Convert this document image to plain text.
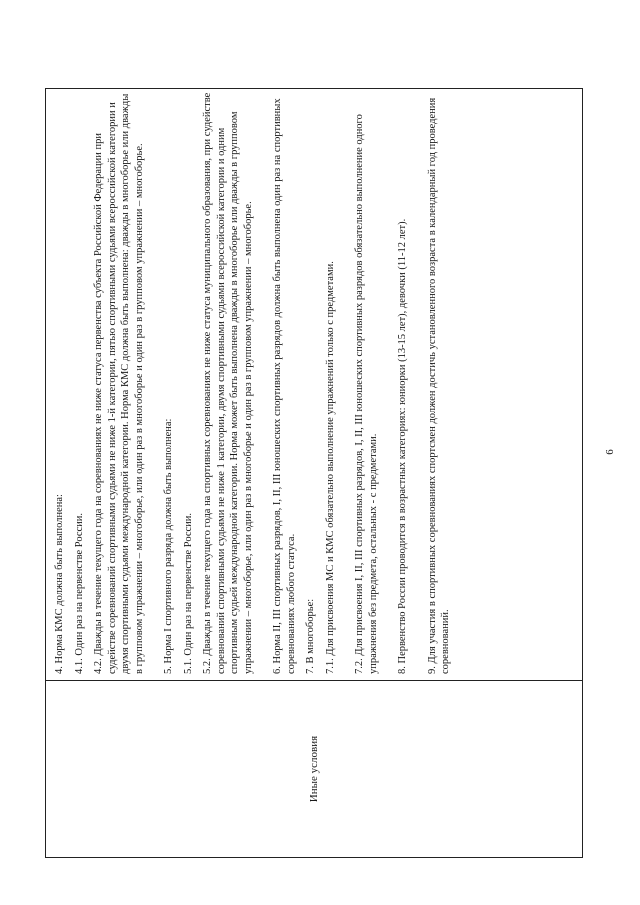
6
Иные условия

4. Норма КМС должна быть выполнена: 4.1. Один раз на первенстве России. 4.2. Дважды в течение текущего года на соревнованиях не ниже статуса первенства субъекта Российской Федерации при судействе соревнований спортивными судьями не ниже 1-й категории, пятью спортивными судьями всероссийской категории и двумя спортивными судьями международной категории. Норма КМС должна быть выполнена: дважды в многоборье или дважды в групповом упражнении – многоборье, или один раз в многоборье и один раз в групповом упражнении – многоборье. 5. Норма I спортивного разряда должна быть выполнена: 5.1. Один раз на первенстве России. 5.2. Дважды в течение текущего года на спортивных соревнованиях не ниже статуса муниципального образования, при судействе соревнований спортивными судьями не ниже 1 категории, двумя спортивными судьями всероссийской категории и одним спортивным судьей международной категории. Норма может быть выполнена дважды в многоборье или дважды в групповом упражнении – многоборье, или один раз в многоборье и один раз в групповом упражнении – многоборье. 6. Норма II, III спортивных разрядов, I, II, III юношеских спортивных разрядов должна быть выполнена один раз на спортивных соревнованиях любого статуса. 7. В многоборье: 7.1. Для присвоения МС и КМС обязательно выполнение упражнений только с предметами. 7.2. Для присвоения I, II, III спортивных разрядов, I, II, III юношеских спортивных разрядов обязательно выполнение одного упражнения без предмета, остальных - с предметами. 8. Первенство России проводится в возрастных категориях: юниорки (13-15 лет), девочки (11-12 лет). 9. Для участия в спортивных соревнованиях спортсмен должен достичь установленного возраста в календарный год проведения соревнований.
